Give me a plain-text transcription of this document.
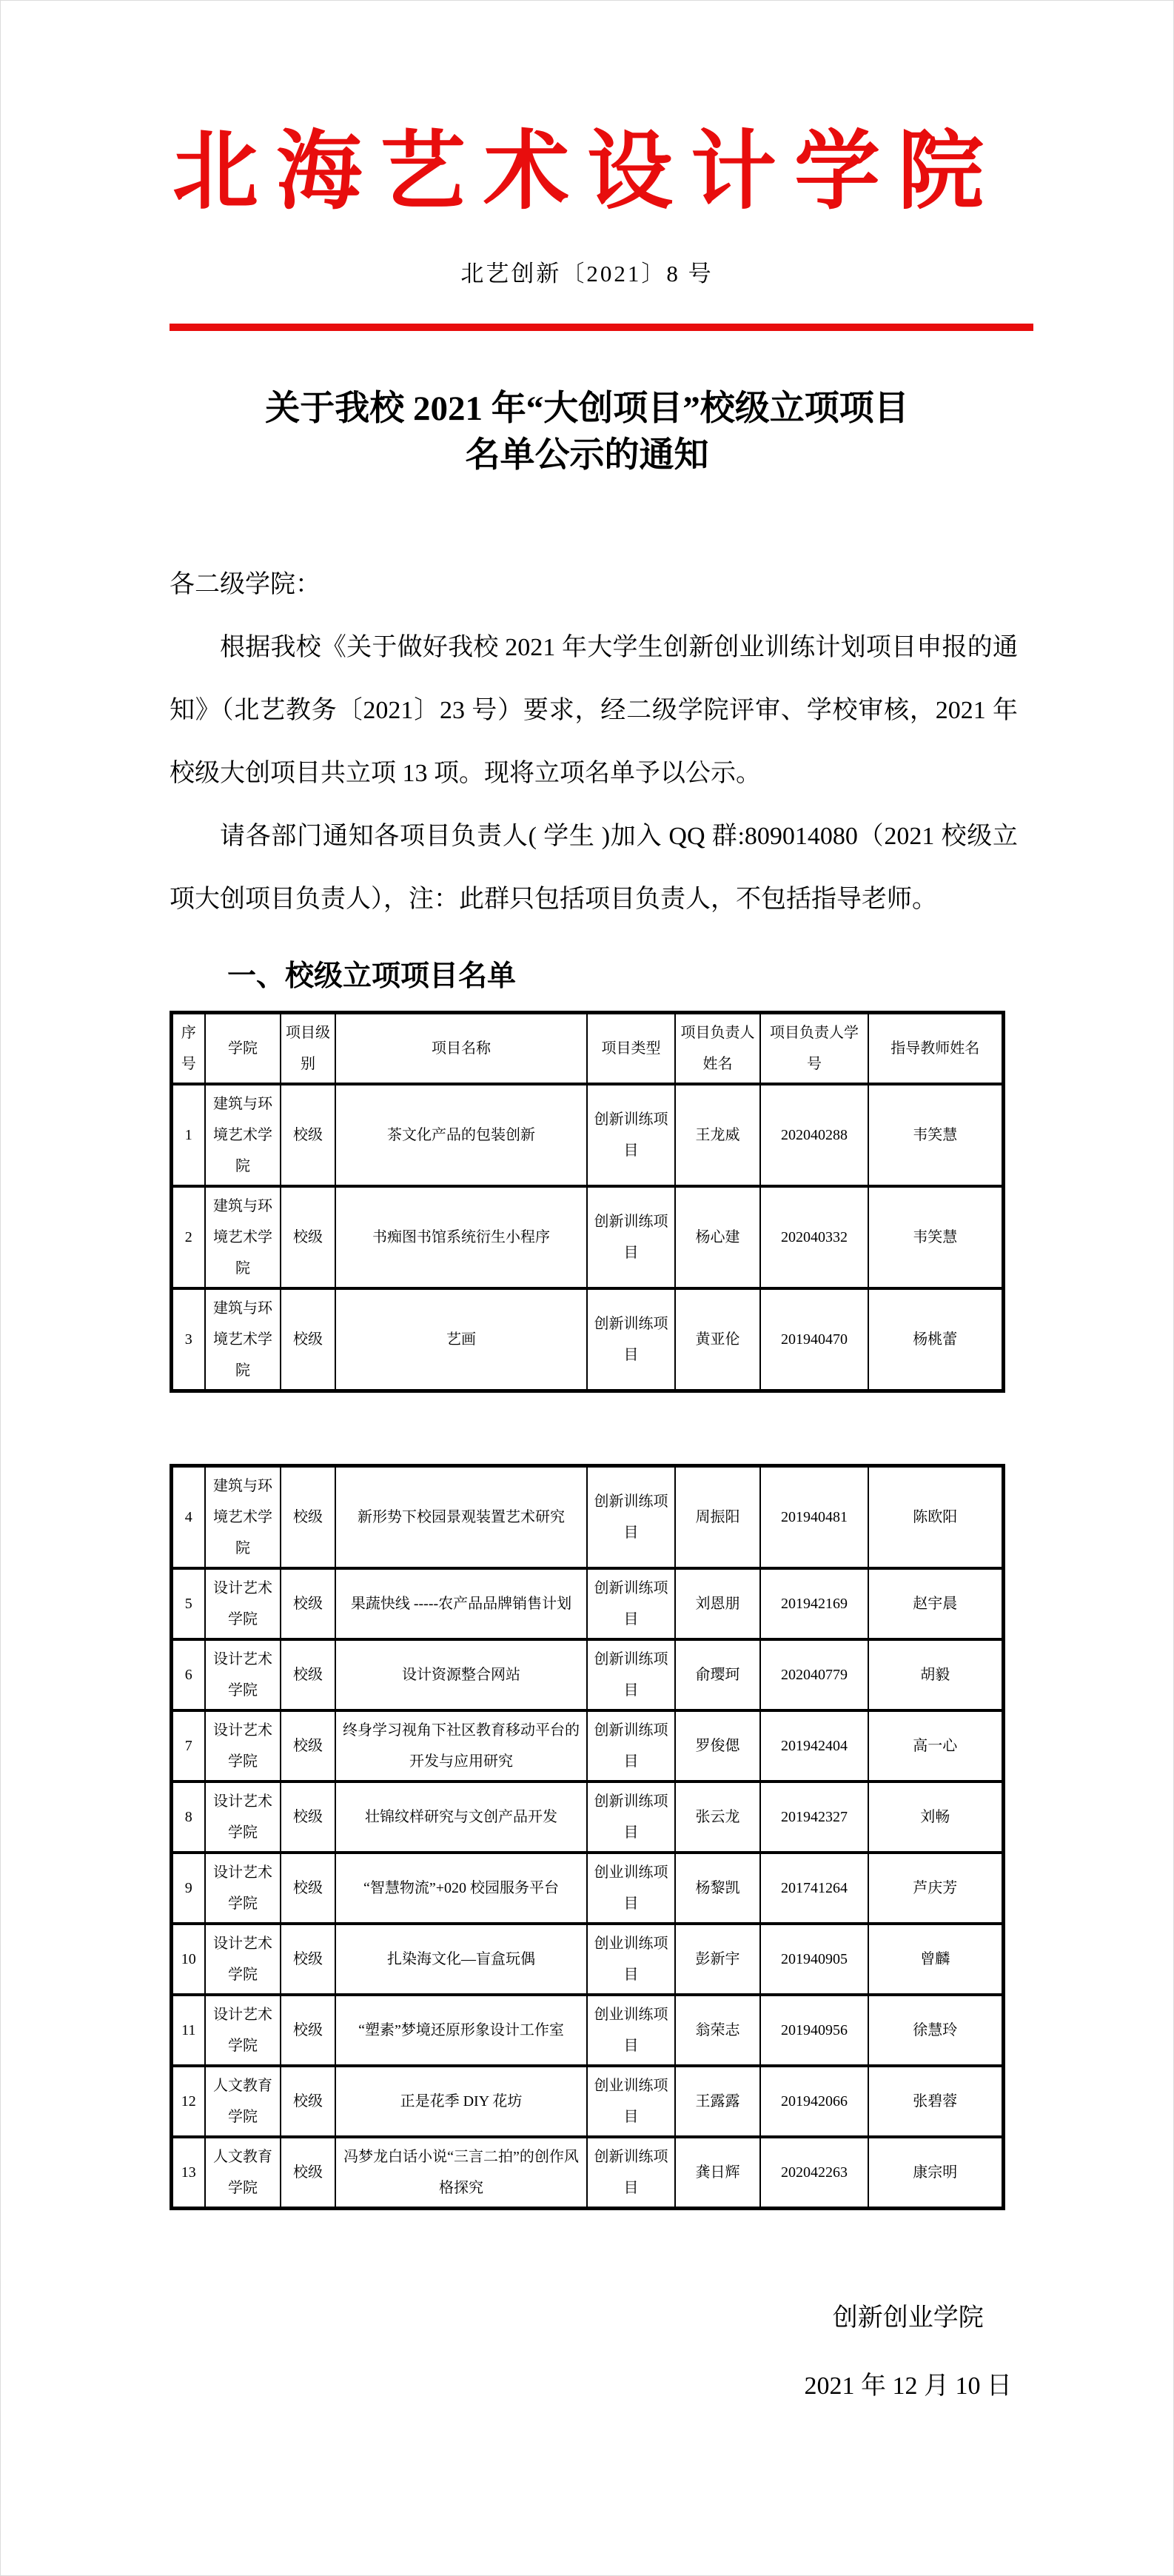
北海艺术设计学院
北艺创新〔2021〕8 号
关于我校 2021 年“大创项目”校级立项项目
名单公示的通知

各二级学院：

根据我校《关于做好我校 2021 年大学生创新创业训练计划项目申报的通知》（北艺教务〔2021〕23 号）要求，经二级学院评审、学校审核，2021 年校级大创项目共立项 13 项。现将立项名单予以公示。

请各部门通知各项目负责人( 学生 )加入 QQ 群:809014080（2021 校级立项大创项目负责人），注：此群只包括项目负责人，不包括指导老师。

一、校级立项项目名单
序号	学院	项目级别	项目名称	项目类型	项目负责人姓名	项目负责人学号	指导教师姓名
1	建筑与环境艺术学院	校级	茶文化产品的包装创新	创新训练项目	王龙威	202040288	韦笑慧
2	建筑与环境艺术学院	校级	书痴图书馆系统衍生小程序	创新训练项目	杨心建	202040332	韦笑慧
3	建筑与环境艺术学院	校级	艺画	创新训练项目	黄亚伦	201940470	杨桃蕾
4	建筑与环境艺术学院	校级	新形势下校园景观装置艺术研究	创新训练项目	周振阳	201940481	陈欧阳
5	设计艺术学院	校级	果蔬快线 -----农产品品牌销售计划	创新训练项目	刘恩朋	201942169	赵宇晨
6	设计艺术学院	校级	设计资源整合网站	创新训练项目	俞璎珂	202040779	胡毅
7	设计艺术学院	校级	终身学习视角下社区教育移动平台的开发与应用研究	创新训练项目	罗俊偲	201942404	高一心
8	设计艺术学院	校级	壮锦纹样研究与文创产品开发	创新训练项目	张云龙	201942327	刘畅
9	设计艺术学院	校级	“智慧物流”+020 校园服务平台	创业训练项目	杨黎凯	201741264	芦庆芳
10	设计艺术学院	校级	扎染海文化—盲盒玩偶	创业训练项目	彭新宇	201940905	曾麟
11	设计艺术学院	校级	“塑素”梦境还原形象设计工作室	创业训练项目	翁荣志	201940956	徐慧玲
12	人文教育学院	校级	正是花季 DIY 花坊	创业训练项目	王露露	201942066	张碧蓉
13	人文教育学院	校级	冯梦龙白话小说“三言二拍”的创作风格探究	创新训练项目	龚日辉	202042263	康宗明
创新创业学院
2021 年 12 月 10 日
